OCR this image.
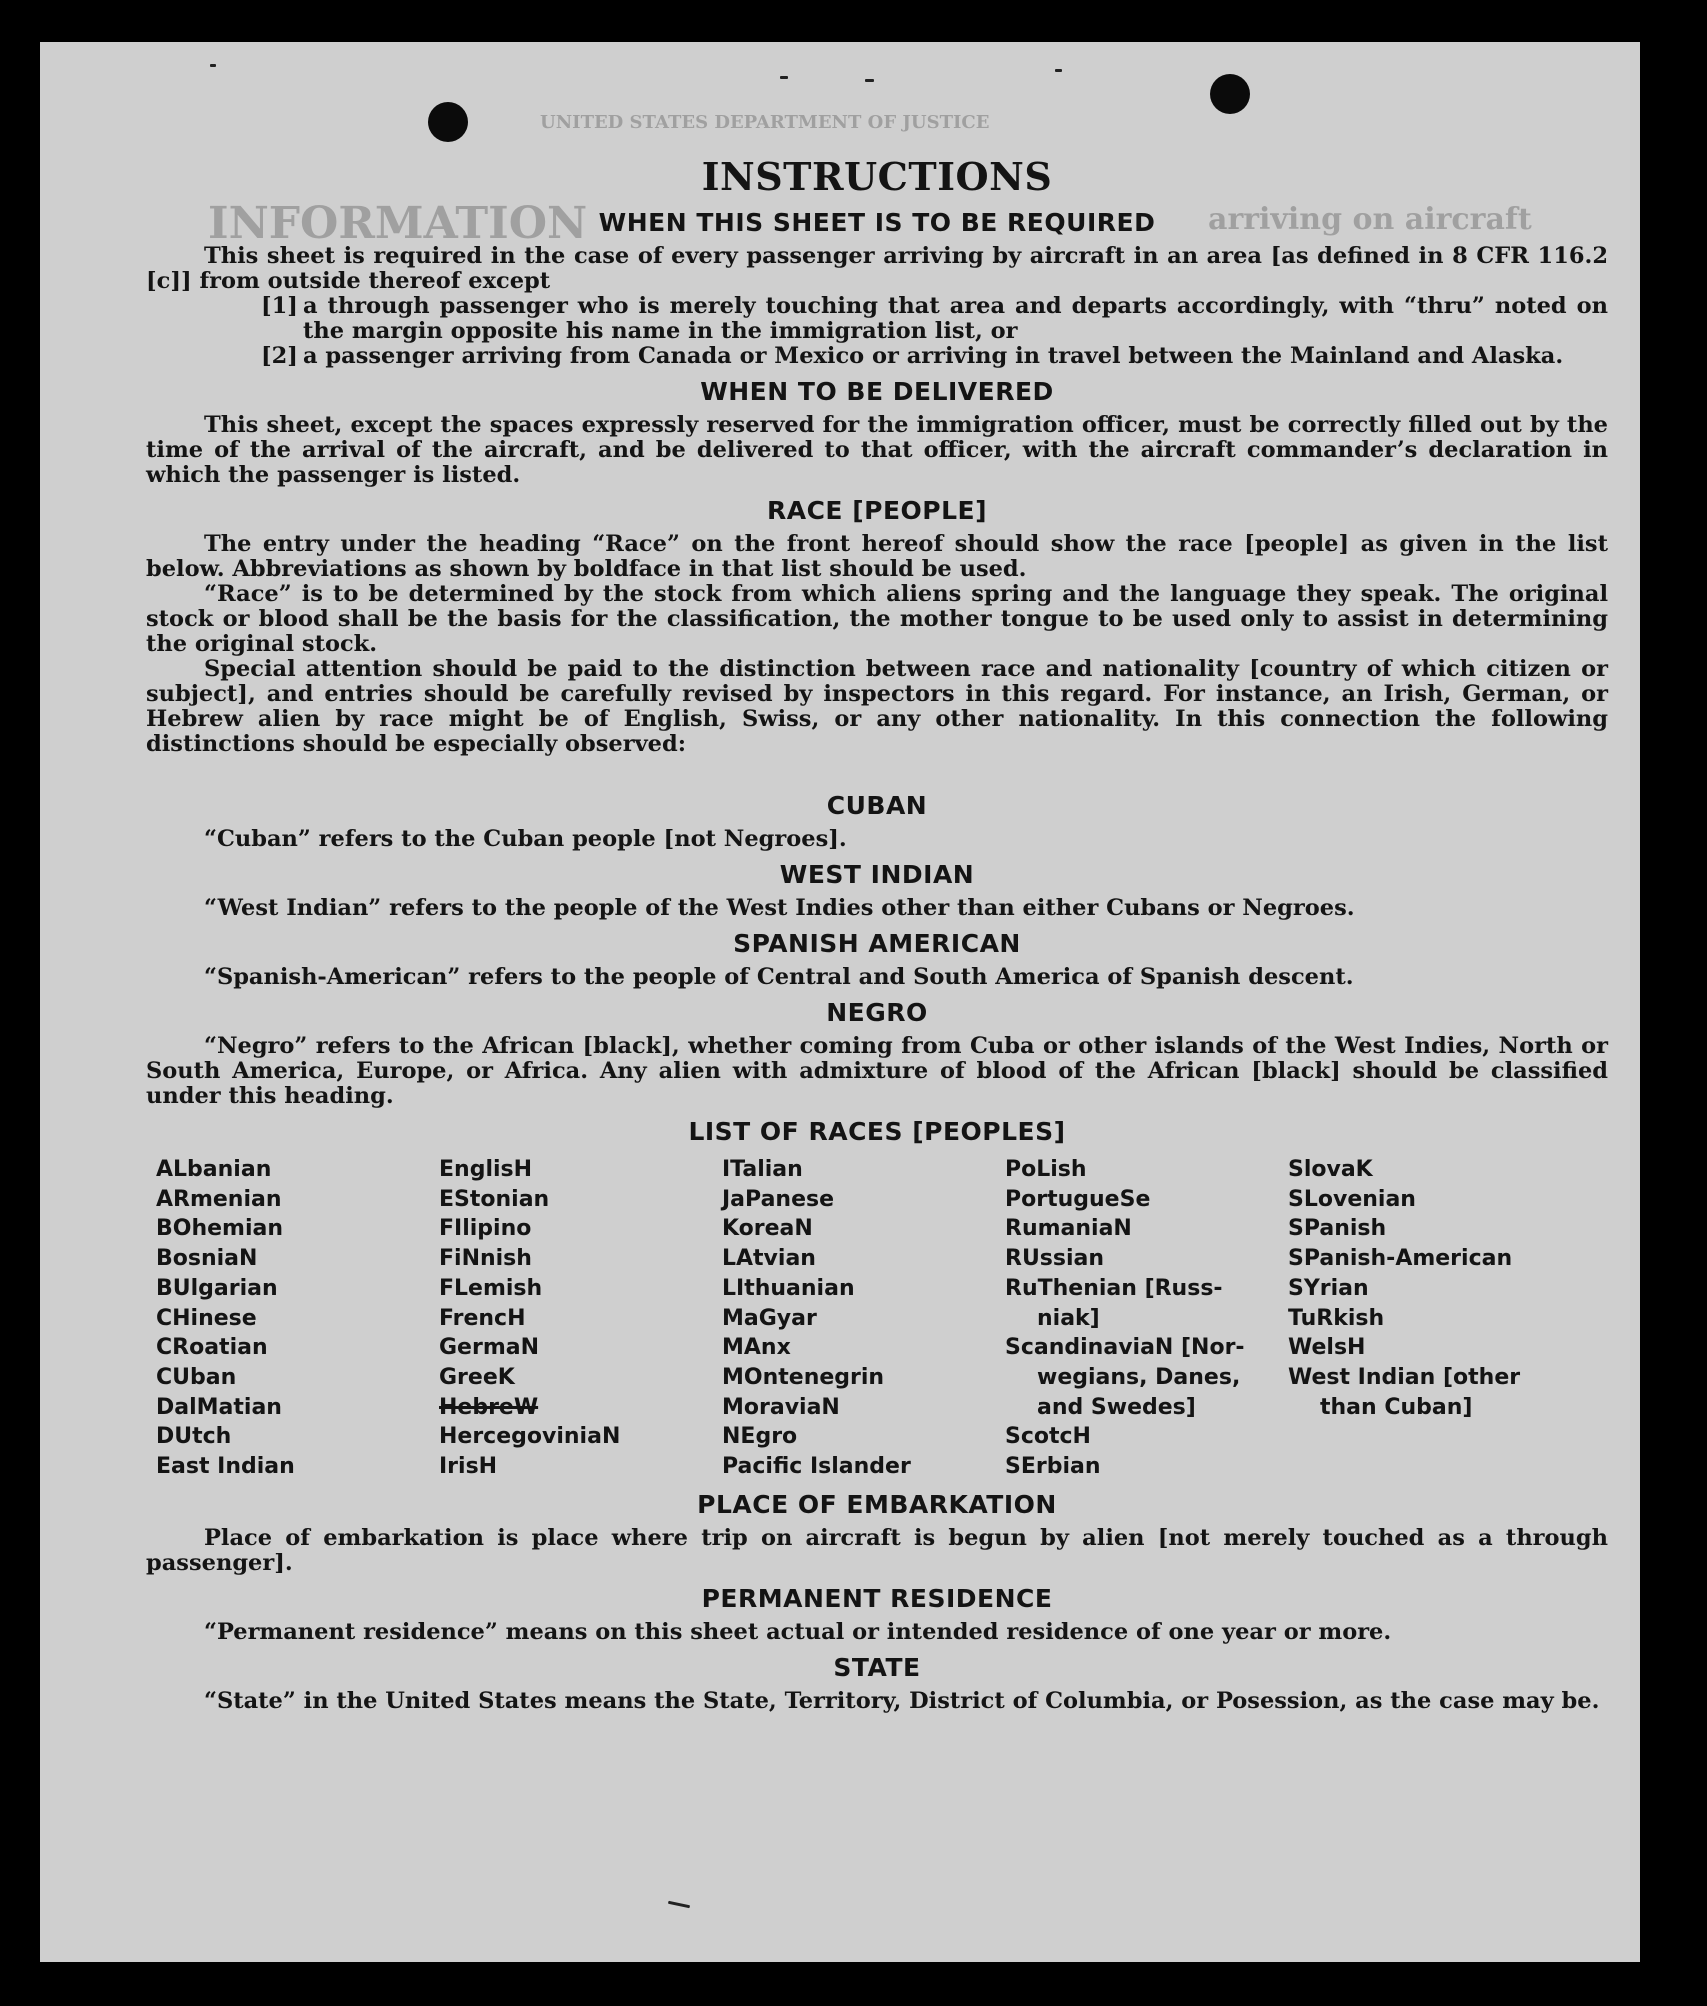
UNITED STATES DEPARTMENT OF JUSTICE
INFORMATION	arriving on aircraft
INSTRUCTIONS
WHEN THIS SHEET IS TO BE REQUIRED

This sheet is required in the case of every passenger arriving by aircraft in an area [as defined in 8 CFR 116.2 [c]] from outside thereof except

[1] a through passenger who is merely touching that area and departs accordingly, with “thru” noted on the margin opposite his name in the immigration list, or

[2] a passenger arriving from Canada or Mexico or arriving in travel between the Mainland and Alaska.

WHEN TO BE DELIVERED

This sheet, except the spaces expressly reserved for the immigration officer, must be correctly filled out by the time of the arrival of the aircraft, and be delivered to that officer, with the aircraft commander’s declaration in which the passenger is listed.

RACE [PEOPLE]

The entry under the heading “Race” on the front hereof should show the race [people] as given in the list below. Abbreviations as shown by boldface in that list should be used.

“Race” is to be determined by the stock from which aliens spring and the language they speak. The original stock or blood shall be the basis for the classification, the mother tongue to be used only to assist in determining the original stock.

Special attention should be paid to the distinction between race and nationality [country of which citizen or subject], and entries should be carefully revised by inspectors in this regard. For instance, an Irish, German, or Hebrew alien by race might be of English, Swiss, or any other nationality. In this connection the following distinctions should be especially observed:

CUBAN

“Cuban” refers to the Cuban people [not Negroes].

WEST INDIAN

“West Indian” refers to the people of the West Indies other than either Cubans or Negroes.

SPANISH AMERICAN

“Spanish-American” refers to the people of Central and South America of Spanish descent.

NEGRO

“Negro” refers to the African [black], whether coming from Cuba or other islands of the West Indies, North or South America, Europe, or Africa. Any alien with admixture of blood of the African [black] should be classified under this heading.

LIST OF RACES [PEOPLES]
ALbanian
ARmenian
BOhemian
BosniaN
BUlgarian
CHinese
CRoatian
CUban
DalMatian
DUtch
East Indian
EnglisH
EStonian
FIlipino
FiNnish
FLemish
FrencH
GermaN
GreeK
HebreW
HercegoviniaN
IrisH
ITalian
JaPanese
KoreaN
LAtvian
LIthuanian
MaGyar
MAnx
MOntenegrin
MoraviaN
NEgro
Pacific Islander
PoLish
PortugueSe
RumaniaN
RUssian
RuThenian [Russ-
niak]
ScandinaviaN [Nor-
wegians, Danes,
and Swedes]
ScotcH
SErbian
SlovaK
SLovenian
SPanish
SPanish-American
SYrian
TuRkish
WelsH
West Indian [other
than Cuban]
PLACE OF EMBARKATION

Place of embarkation is place where trip on aircraft is begun by alien [not merely touched as a through passenger].

PERMANENT RESIDENCE

“Permanent residence” means on this sheet actual or intended residence of one year or more.

STATE

“State” in the United States means the State, Territory, District of Columbia, or Posession, as the case may be.
